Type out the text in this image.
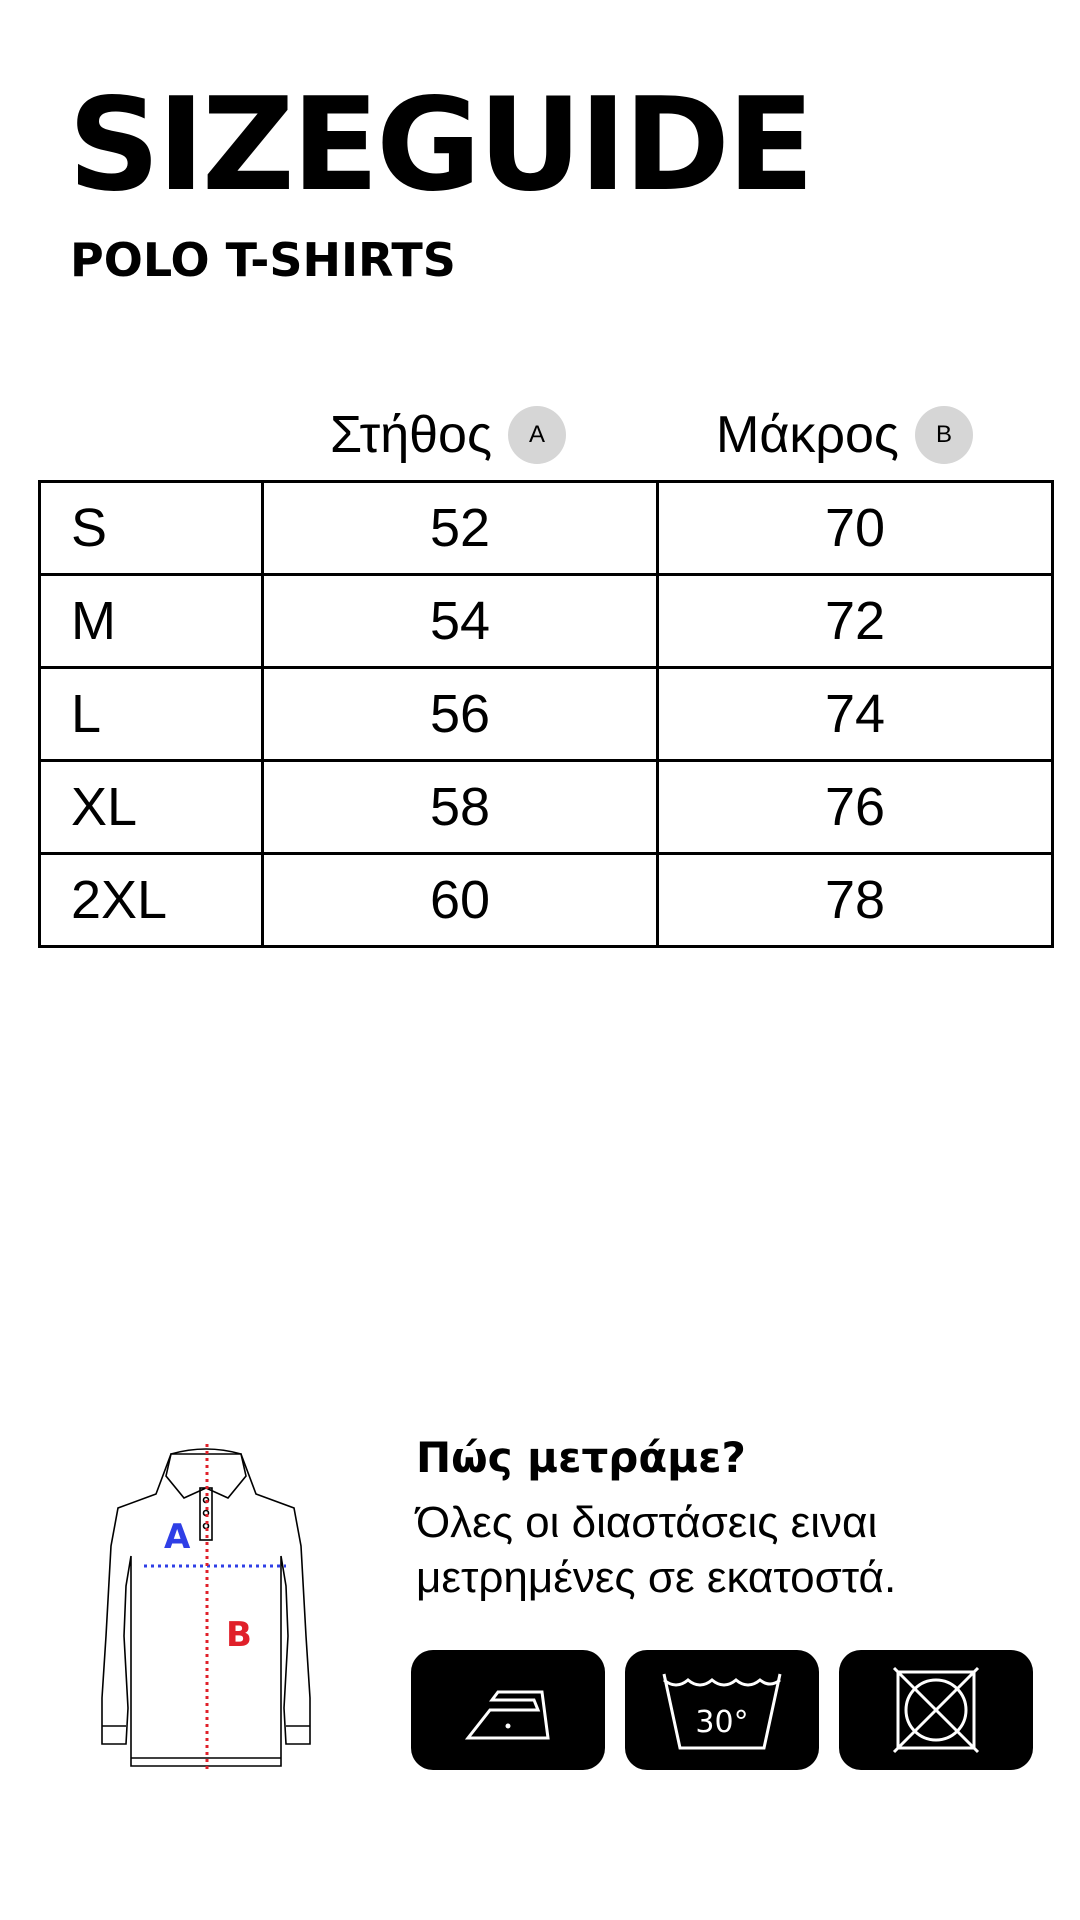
SIZEGUIDE
POLO T-SHIRTS
Στήθος	A	Μάκρος	B
S	52	70
M	54	72
L	56	74
XL	58	76
2XL	60	78
A
B

Πώς μετράμε?

Όλες οι διαστάσεις ειναι

μετρημένες σε εκατοστά.

30°
